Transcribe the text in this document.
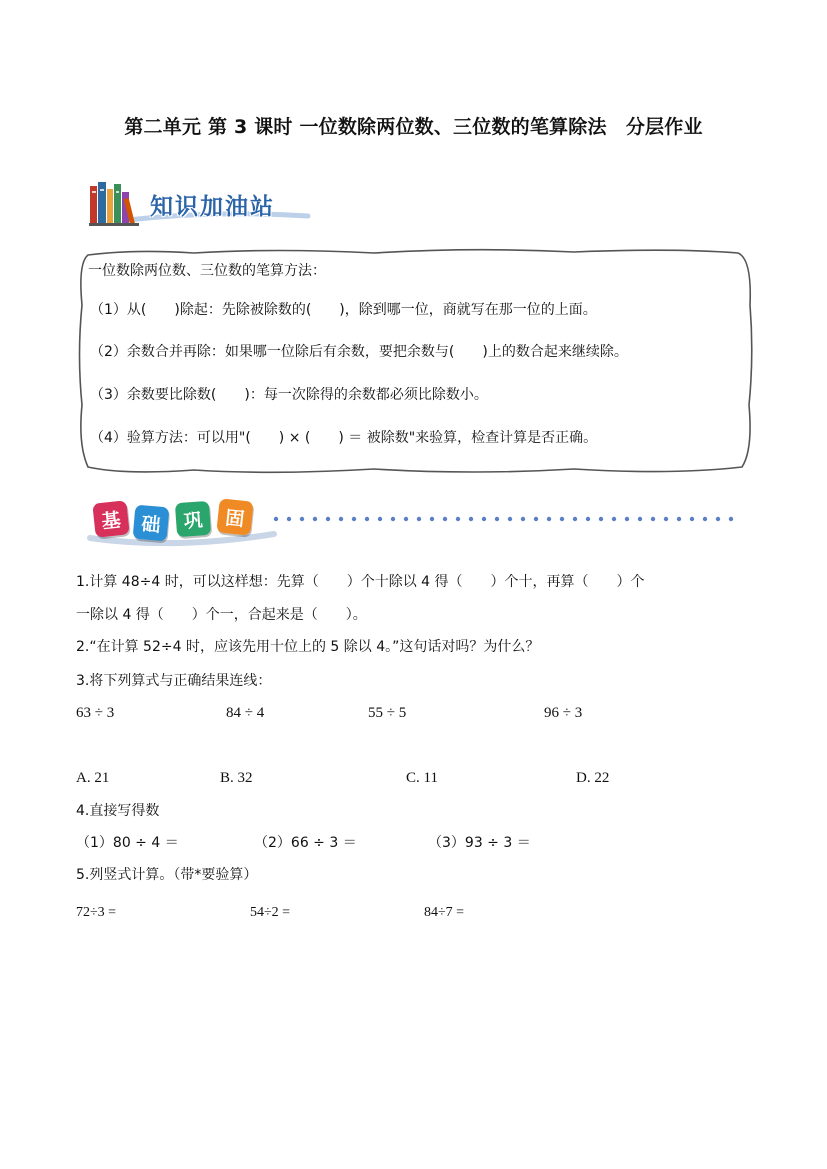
第二单元 第 3 课时 一位数除两位数、三位数的笔算除法　分层作业
知识加油站
一位数除两位数、三位数的笔算方法：
（1）从(　　)除起：先除被除数的(　　)，除到哪一位，商就写在那一位的上面。
（2）余数合并再除：如果哪一位除后有余数，要把余数与(　　)上的数合起来继续除。
（3）余数要比除数(　　)：每一次除得的余数都必须比除数小。
（4）验算方法：可以用"(　　) × (　　) ＝ 被除数"来验算，检查计算是否正确。
基 础	巩	固
1.计算 48÷4 时，可以这样想：先算（　　）个十除以 4 得（　　）个十，再算（　　）个
一除以 4 得（　　）个一，合起来是（　　）。
2.“在计算 52÷4 时，应该先用十位上的 5 除以 4。”这句话对吗？为什么？
3.将下列算式与正确结果连线：
63 ÷ 3	84 ÷ 4	55 ÷ 5	96 ÷ 3
A. 21	B. 32	C. 11	D. 22
4.直接写得数
（1）80 ÷ 4 ＝	（2）66 ÷ 3 ＝	（3）93 ÷ 3 ＝
5.列竖式计算。（带*要验算）
72÷3 =	54÷2 =	84÷7 =
